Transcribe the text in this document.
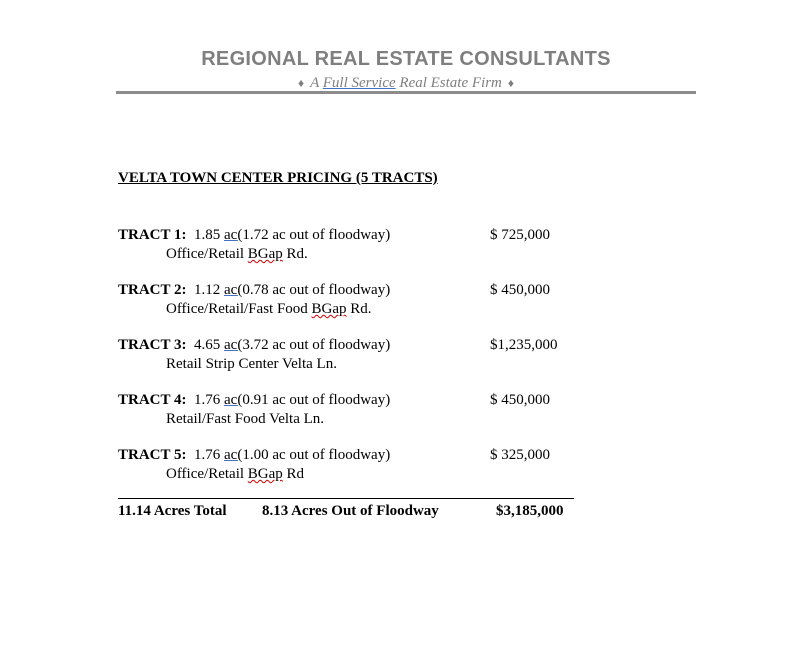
REGIONAL REAL ESTATE CONSULTANTS
♦ A Full Service Real Estate Firm ♦
VELTA TOWN CENTER PRICING (5 TRACTS)
TRACT 1: 1.85 ac(1.72 ac out of floodway)
Office/Retail BGap Rd.
$ 725,000
TRACT 2: 1.12 ac(0.78 ac out of floodway)
Office/Retail/Fast Food BGap Rd.
$ 450,000
TRACT 3: 4.65 ac(3.72 ac out of floodway)
Retail Strip Center Velta Ln.
$1,235,000
TRACT 4: 1.76 ac(0.91 ac out of floodway)
Retail/Fast Food Velta Ln.
$ 450,000
TRACT 5: 1.76 ac(1.00 ac out of floodway)
Office/Retail BGap Rd
$ 325,000
11.14 Acres Total 8.13 Acres Out of Floodway	$3,185,000
